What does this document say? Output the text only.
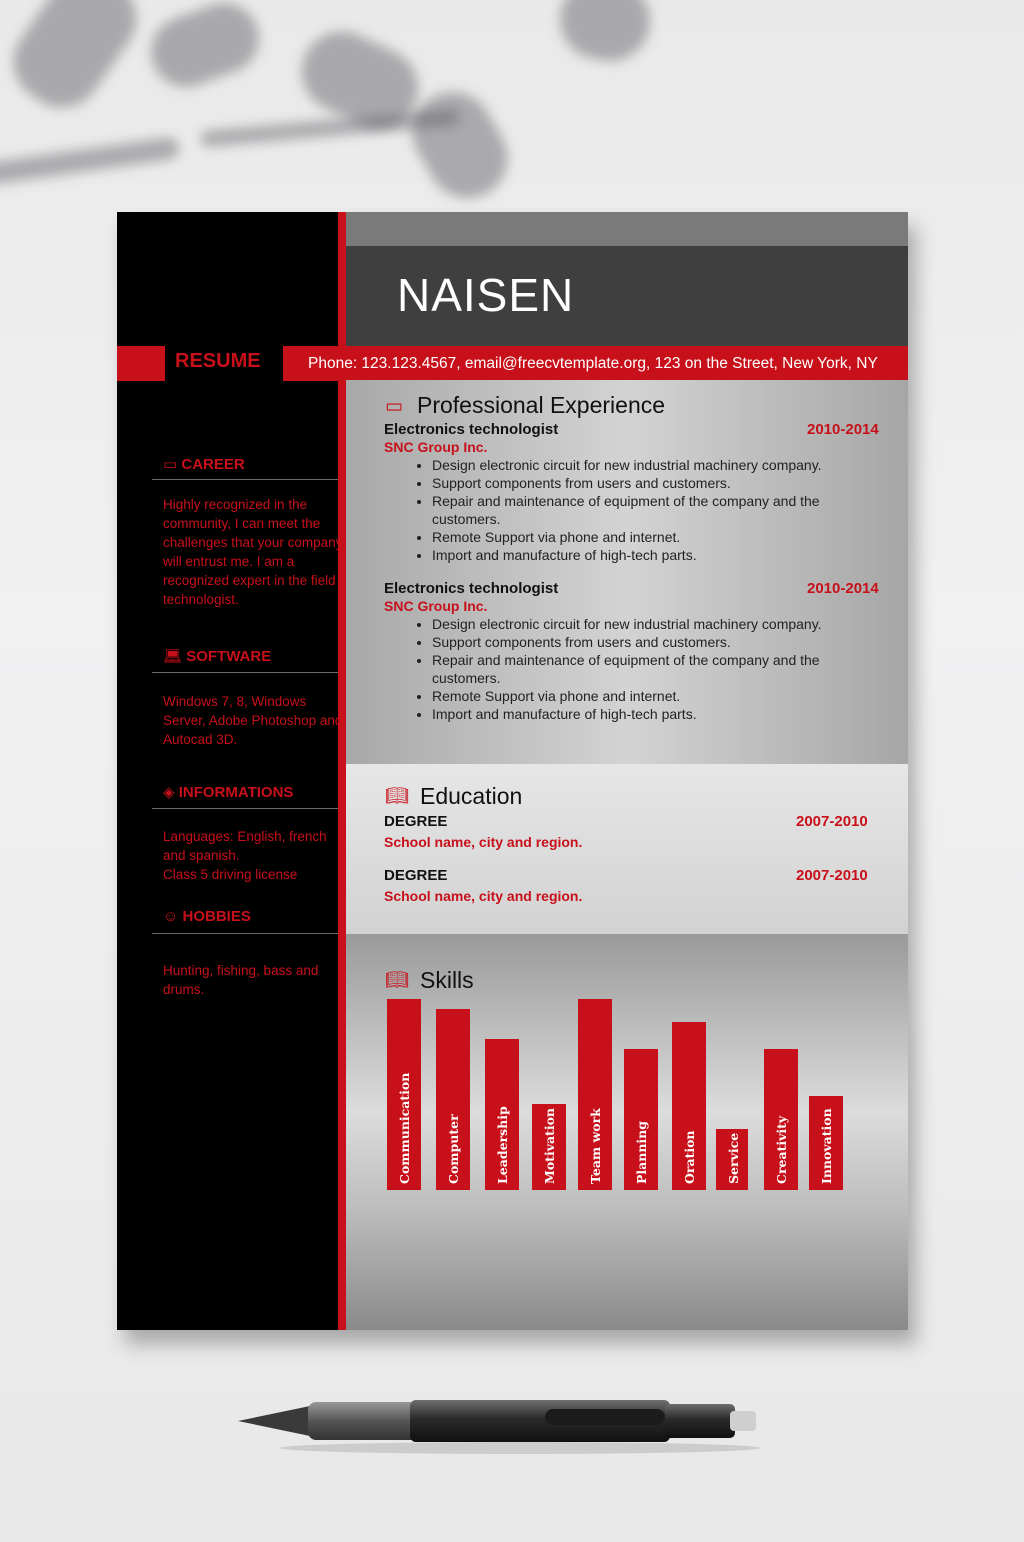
NAISEN
RESUME	Phone: 123.123.4567, email@freecvtemplate.org, 123 on the Street, New York, NY
▭ CAREER
Highly recognized in the community, I can meet the challenges that your company will entrust me. I am a recognized expert in the field technologist.
💻︎ SOFTWARE
Windows 7, 8, Windows Server, Adobe Photoshop and Autocad 3D.
◈ INFORMATIONS
Languages: English, french
and spanish.
Class 5 driving license
☺ HOBBIES
Hunting, fishing, bass and drums.
▭ Professional Experience
Electronics technologist	2010-2014
SNC Group Inc.
• Design electronic circuit for new industrial machinery company.
• Support components from users and customers.
• Repair and maintenance of equipment of the company and the customers.
• Remote Support via phone and internet.
• Import and manufacture of high-tech parts.
Electronics technologist	2010-2014
SNC Group Inc.
• Design electronic circuit for new industrial machinery company.
• Support components from users and customers.
• Repair and maintenance of equipment of the company and the customers.
• Remote Support via phone and internet.
• Import and manufacture of high-tech parts.
📖︎ Education
DEGREE	2007-2010
School name, city and region.
DEGREE	2007-2010
School name, city and region.
📖︎ Skills
Communication	Computer	Leadership	Motivation Team work Planning	Oration Service	Creativity Innovation
